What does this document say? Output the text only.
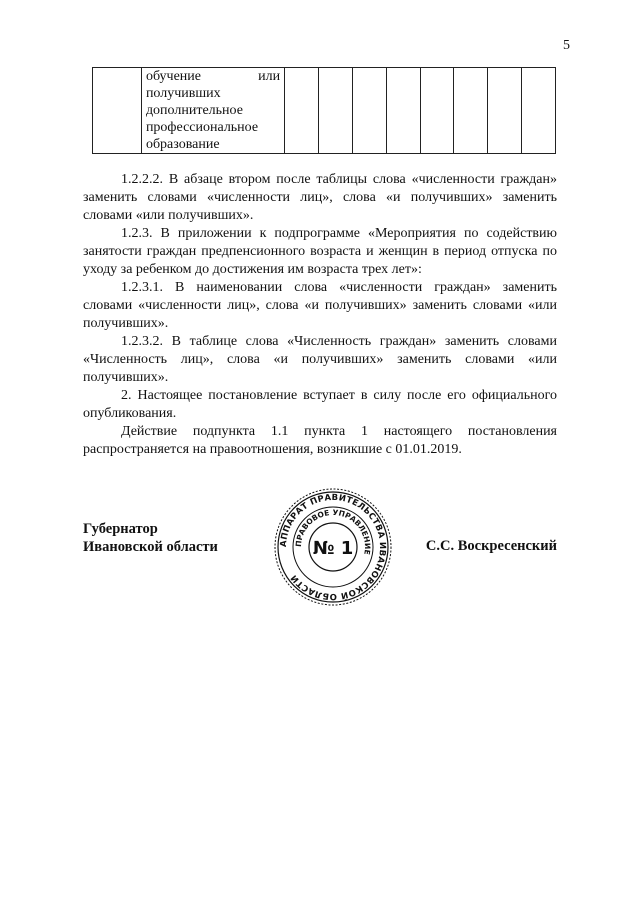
5

обучение или
получивших
дополнительное
профессиональное
образование

1.2.2.2. В абзаце втором после таблицы слова «численности граждан» заменить словами «численности лиц», слова «и получивших» заменить словами «или получивших».

1.2.3. В приложении к подпрограмме «Мероприятия по содействию занятости граждан предпенсионного возраста и женщин в период отпуска по уходу за ребенком до достижения им возраста трех лет»:

1.2.3.1. В наименовании слова «численности граждан» заменить словами «численности лиц», слова «и получивших» заменить словами «или получивших».

1.2.3.2. В таблице слова «Численность граждан» заменить словами «Численность лиц», слова «и получивших» заменить словами «или получивших».

2. Настоящее постановление вступает в силу после его официального опубликования.

Действие подпункта 1.1 пункта 1 настоящего постановления распространяется на правоотношения, возникшие с 01.01.2019.

Губернатор
Ивановской области	АППАРАТ ПРАВИТЕЛЬСТВА ИВАНОВСКОЙ ОБЛАСТИ
ПРАВОВОЕ УПРАВЛЕНИЕ
№ 1	С.С. Воскресенский
